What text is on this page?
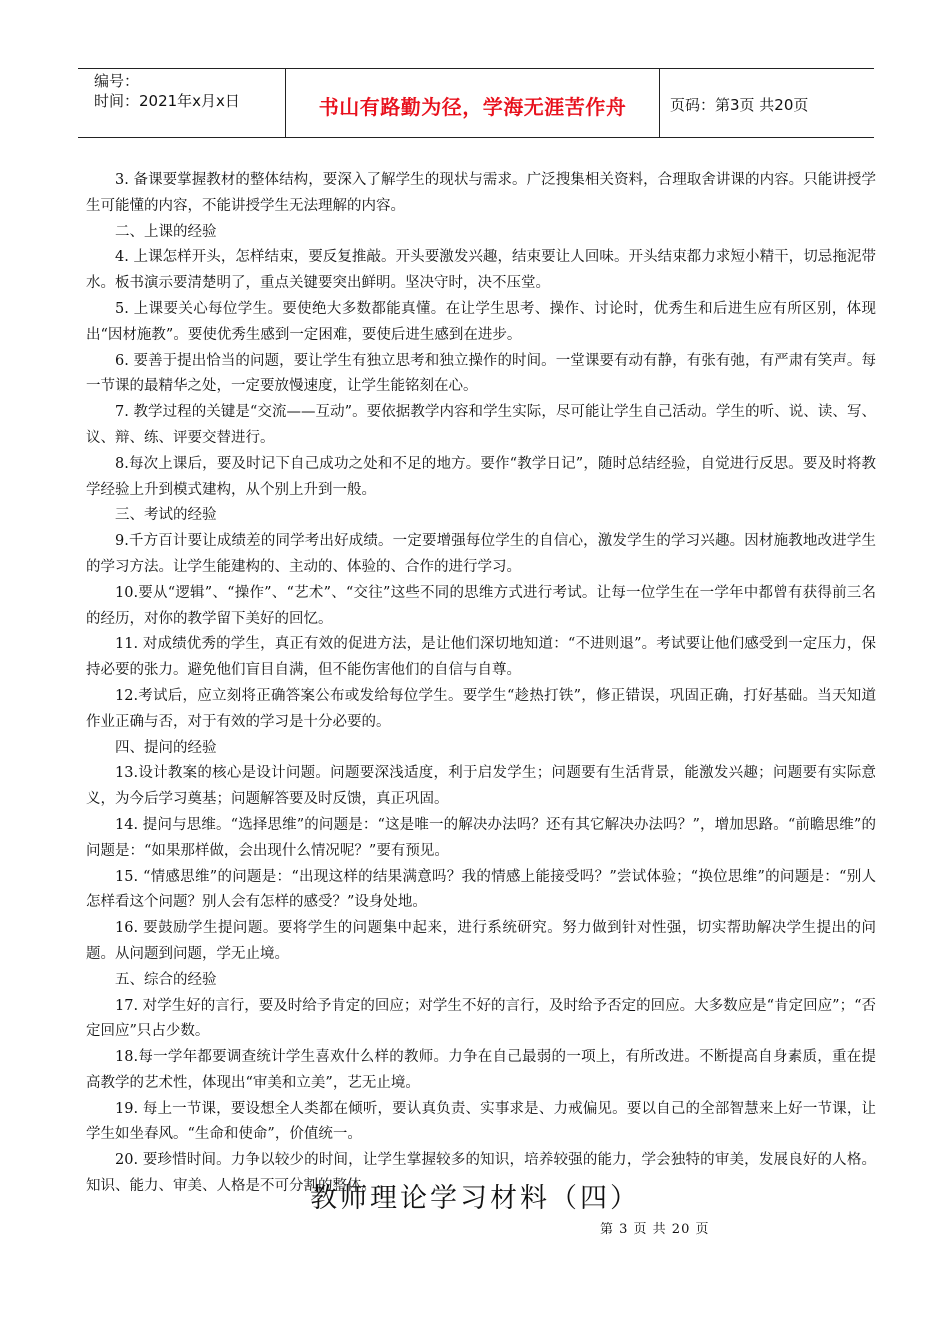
编号：
时间：2021年x月x日	书山有路勤为径，学海无涯苦作舟	页码：第3页 共20页

3. 备课要掌握教材的整体结构，要深入了解学生的现状与需求。广泛搜集相关资料，合理取舍讲课的内容。只能讲授学生可能懂的内容，不能讲授学生无法理解的内容。

二、上课的经验

4. 上课怎样开头，怎样结束，要反复推敲。开头要激发兴趣，结束要让人回味。开头结束都力求短小精干，切忌拖泥带水。板书演示要清楚明了，重点关键要突出鲜明。坚决守时，决不压堂。

5. 上课要关心每位学生。要使绝大多数都能真懂。在让学生思考、操作、讨论时，优秀生和后进生应有所区别，体现出“因材施教”。要使优秀生感到一定困难，要使后进生感到在进步。

6. 要善于提出恰当的问题，要让学生有独立思考和独立操作的时间。一堂课要有动有静，有张有弛，有严肃有笑声。每一节课的最精华之处，一定要放慢速度，让学生能铭刻在心。

7. 教学过程的关键是“交流——互动”。要依据教学内容和学生实际，尽可能让学生自己活动。学生的听、说、读、写、议、辩、练、评要交替进行。

8.每次上课后，要及时记下自己成功之处和不足的地方。要作“教学日记”，随时总结经验，自觉进行反思。要及时将教学经验上升到模式建构，从个别上升到一般。

三、考试的经验

9.千方百计要让成绩差的同学考出好成绩。一定要增强每位学生的自信心，激发学生的学习兴趣。因材施教地改进学生的学习方法。让学生能建构的、主动的、体验的、合作的进行学习。

10.要从“逻辑”、“操作”、“艺术”、“交往”这些不同的思维方式进行考试。让每一位学生在一学年中都曾有获得前三名的经历，对你的教学留下美好的回忆。

11. 对成绩优秀的学生，真正有效的促进方法，是让他们深切地知道：“不进则退”。考试要让他们感受到一定压力，保持必要的张力。避免他们盲目自满，但不能伤害他们的自信与自尊。

12.考试后，应立刻将正确答案公布或发给每位学生。要学生“趁热打铁”，修正错误，巩固正确，打好基础。当天知道作业正确与否，对于有效的学习是十分必要的。

四、提问的经验

13.设计教案的核心是设计问题。问题要深浅适度，利于启发学生；问题要有生活背景，能激发兴趣；问题要有实际意义，为今后学习奠基；问题解答要及时反馈，真正巩固。

14. 提问与思维。“选择思维”的问题是：“这是唯一的解决办法吗？还有其它解决办法吗？”，增加思路。“前瞻思维”的问题是：“如果那样做，会出现什么情况呢？”要有预见。

15. “情感思维”的问题是：“出现这样的结果满意吗？我的情感上能接受吗？”尝试体验；“换位思维”的问题是：“别人怎样看这个问题？别人会有怎样的感受？”设身处地。

16. 要鼓励学生提问题。要将学生的问题集中起来，进行系统研究。努力做到针对性强，切实帮助解决学生提出的问题。从问题到问题，学无止境。

五、综合的经验

17. 对学生好的言行，要及时给予肯定的回应；对学生不好的言行，及时给予否定的回应。大多数应是“肯定回应”；“否定回应”只占少数。

18.每一学年都要调查统计学生喜欢什么样的教师。力争在自己最弱的一项上，有所改进。不断提高自身素质，重在提高教学的艺术性，体现出“审美和立美”，艺无止境。

19. 每上一节课，要设想全人类都在倾听，要认真负责、实事求是、力戒偏见。要以自己的全部智慧来上好一节课，让学生如坐春风。“生命和使命”，价值统一。

20. 要珍惜时间。力争以较少的时间，让学生掌握较多的知识，培养较强的能力，学会独特的审美，发展良好的人格。知识、能力、审美、人格是不可分割的整体。

教师理论学习材料（四）
第 3 页 共 20 页
